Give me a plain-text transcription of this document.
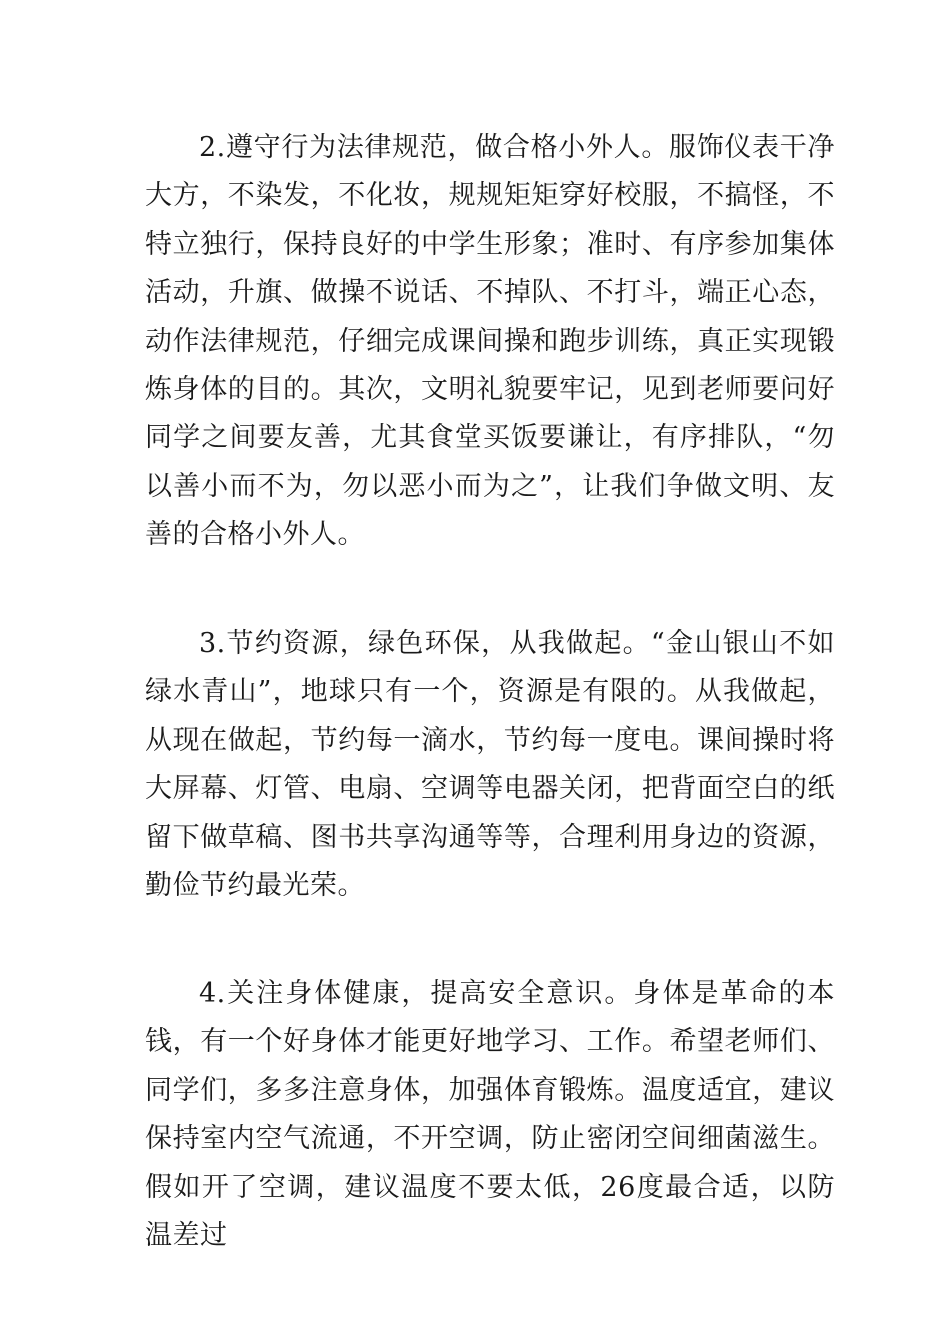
2.遵守行为法律规范，做合格小外人。服饰仪表干净大方，不染发，不化妆，规规矩矩穿好校服，不搞怪，不特立独行，保持良好的中学生形象；准时、有序参加集体活动，升旗、做操不说话、不掉队、不打斗，端正心态，动作法律规范，仔细完成课间操和跑步训练，真正实现锻炼身体的目的。其次，文明礼貌要牢记，见到老师要问好同学之间要友善，尤其食堂买饭要谦让，有序排队，“勿以善小而不为，勿以恶小而为之”，让我们争做文明、友善的合格小外人。

3.节约资源，绿色环保，从我做起。“金山银山不如绿水青山”，地球只有一个，资源是有限的。从我做起，从现在做起，节约每一滴水，节约每一度电。课间操时将大屏幕、灯管、电扇、空调等电器关闭，把背面空白的纸留下做草稿、图书共享沟通等等，合理利用身边的资源，勤俭节约最光荣。

4.关注身体健康，提高安全意识。身体是革命的本钱，有一个好身体才能更好地学习、工作。希望老师们、同学们，多多注意身体，加强体育锻炼。温度适宜，建议保持室内空气流通，不开空调，防止密闭空间细菌滋生。假如开了空调，建议温度不要太低，26度最合适，以防温差过
